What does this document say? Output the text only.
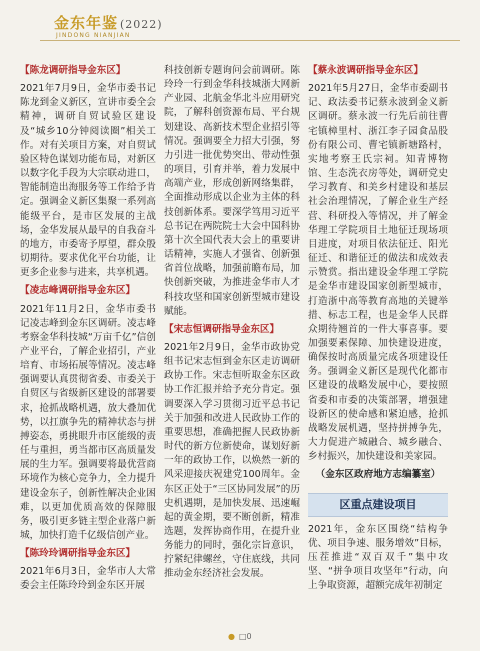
金东年鉴 (2022)
JINDONG NIANJIAN

【陈龙调研指导金东区】

2021年7月9日，金华市委书记陈龙到金义新区，宣讲市委全会精神，调研自贸试验区建设及“城乡10分钟阅读圈”相关工作。对有关项目方案，对自贸试验区特色谋划功能布局，对新区以数字化手段为大宗联动进口，智能制造出海服务等工作给予肯定。强调金义新区集聚一系列高能级平台，是市区发展的主战场，金华发展从最早的自我奋斗的地方，市委寄予厚望，群众殷切期待。要求优化平台功能，让更多企业参与进来，共享机遇。

【凌志峰调研指导金东区】

2021年11月2日，金华市委书记凌志峰到金东区调研。凌志峰考察金华科技城“万亩千亿”信创产业平台，了解企业招引，产业培育、市场拓展等情况。凌志峰强调要认真贯彻省委、市委关于自贸区与省级新区建设的部署要求，抢抓战略机遇，放大叠加优势，以扛旗争先的精神状态与拼搏姿态，勇挑眼升市区能级的责任与重担，勇当都市区高质量发展的生力军。强调要将最优营商环境作为核心竞争力，全力提升建设金东子，创新性解决企业困难，以更加优质高效的保障服务，吸引更多链主型企业落户新城，加快打造千亿级信创产业。

【陈玲玲调研指导金东区】

2021年6月3日，金华市人大常委会主任陈玲玲到金东区开展

科技创新专题询问会前调研。陈玲玲一行到金华科技城浙大网新产业园、北航金华北斗应用研究院，了解科创资源布局、平台规划建设、高新技术型企业招引等情况。强调要全力招大引强，努力引进一批优势突出、带动性强的项目，引育并举，着力发展中高端产业，形成创新网络集群，全面推动形成以企业为主体的科技创新体系。要深学笃用习近平总书记在两院院士大会中国科协第十次全国代表大会上的重要讲话精神，实施人才强省、创新强省首位战略，加强前瞻布局，加快创新突破，为推进金华市人才科技攻坚和国家创新型城市建设赋能。

【宋志恒调研指导金东区】

2021年2月9日，金华市政协党组书记宋志恒到金东区走访调研政协工作。宋志恒听取金东区政协工作汇报并给予充分肯定。强调要深入学习贯彻习近平总书记关于加强和改进人民政协工作的重要思想，准确把握人民政协新时代的新方位新使命，谋划好新一年的政协工作，以焕然一新的风采迎接庆祝建党100周年。金东区正处于“三区协同发展”的历史机遇期，是加快发展、迅速崛起的黄金期，要不断创新，精准选题，发挥协商作用，在提升业务能力的同时，强化宗旨意识，拧紧纪律螺丝，守住底线，共同推动金东经济社会发展。

【蔡永波调研指导金东区】

2021年5月27日，金华市委副书记、政法委书记蔡永波到金义新区调研。蔡永波一行先后前往曹宅镇樟里村、浙江李子园食品股份有限公司、曹宅镇新塘路村，实地考察王氏宗祠。知青博物馆、生态洗衣房等处，调研党史学习教育、和美乡村建设和基层社会治理情况，了解企业生产经营、科研投入等情况，并了解金华理工学院项目土地征迁现场项目进度，对项目依法征迁、阳光征迁、和谐征迁的做法和成效表示赞赏。指出建设金华理工学院是金华市建设国家创新型城市，打造浙中高等教育高地的关键举措、标志工程，也是金华人民群众期待翘首的一件大事喜事。要加强要素保障、加快建设进度，确保按时高质量完成各项建设任务。强调金义新区是现代化都市区建设的战略发展中心，要按照省委和市委的决策部署，增强建设新区的使命感和紧迫感，抢抓战略发展机遇，坚持拼搏争先，大力促进产城融合、城乡融合、乡村振兴，加快建设和美家园。

（金东区政府地方志编纂室）

区重点建设项目

2021年，金东区围绕“结构争优、项目争速、服务增效”目标，压茬推进“双百双千”集中攻坚、“拼争项目攻坚年”行动，向上争取资源，超额完成年初制定

● □0
